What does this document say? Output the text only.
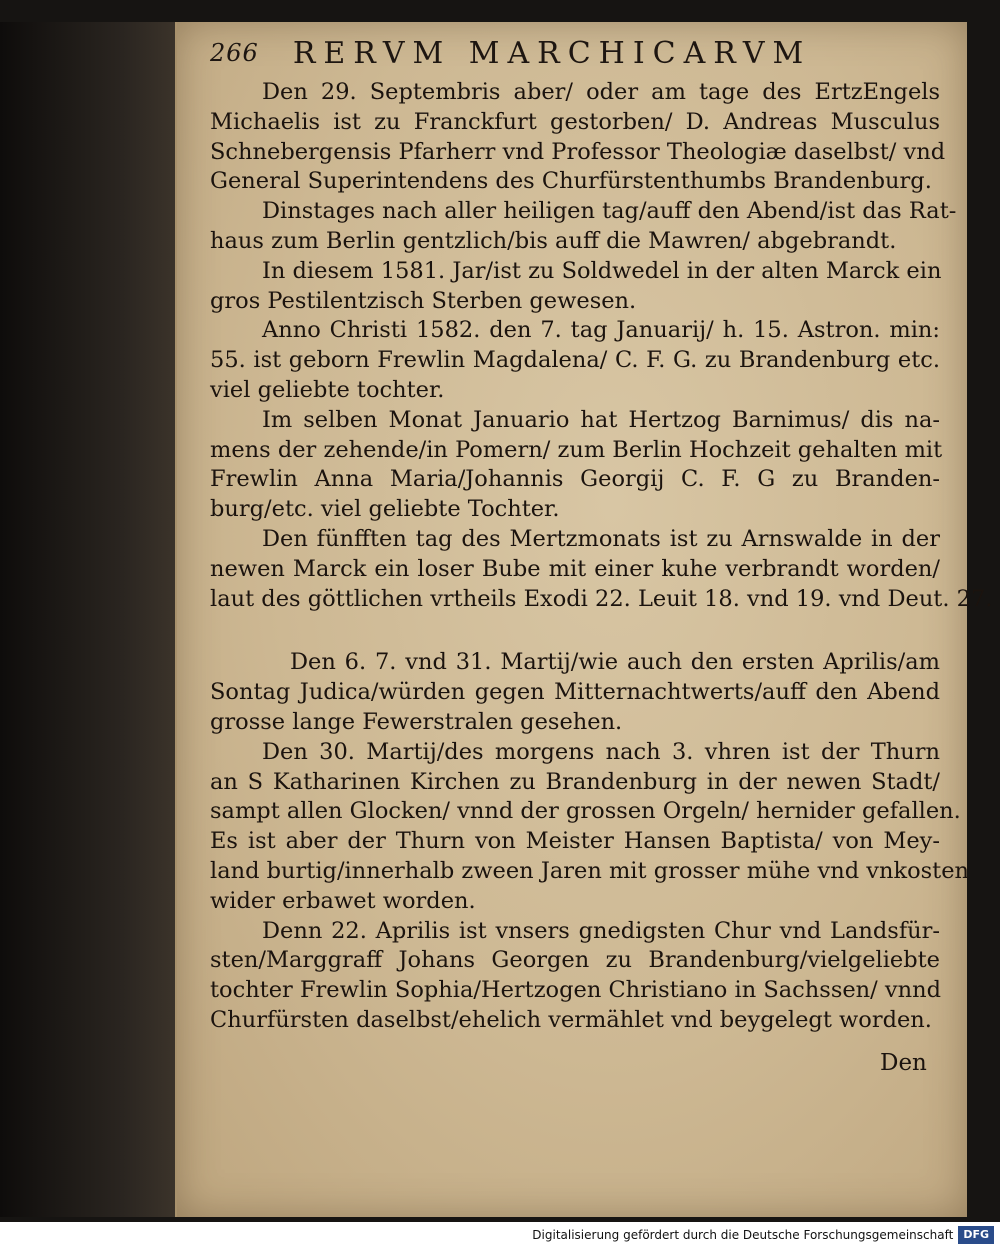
266 RERVM MARCHICARVM
Den 29. Septembris aber/ oder am tage des ErtzEngels
Michaelis ist zu Franckfurt gestorben/ D. Andreas Musculus
Schnebergensis Pfarherr vnd Professor Theologiæ daselbst/ vnd
General Superintendens des Churfürstenthumbs Brandenburg.
Dinstages nach aller heiligen tag/auff den Abend/ist das Rat-
haus zum Berlin gentzlich/bis auff die Mawren/ abgebrandt.
In diesem 1581. Jar/ist zu Soldwedel in der alten Marck ein
gros Pestilentzisch Sterben gewesen.
Anno Christi 1582. den 7. tag Januarij/ h. 15. Astron. min:
55. ist geborn Frewlin Magdalena/ C. F. G. zu Brandenburg etc.
viel geliebte tochter.
Im selben Monat Januario hat Hertzog Barnimus/ dis na-
mens der zehende/in Pomern/ zum Berlin Hochzeit gehalten mit
Frewlin Anna Maria/Johannis Georgij C. F. G zu Branden-
burg/etc. viel geliebte Tochter.
Den fünfften tag des Mertzmonats ist zu Arnswalde in der
newen Marck ein loser Bube mit einer kuhe verbrandt worden/
laut des göttlichen vrtheils Exodi 22. Leuit 18. vnd 19. vnd Deut. 27.
Den 6. 7. vnd 31. Martij/wie auch den ersten Aprilis/am
Sontag Judica/würden gegen Mitternachtwerts/auff den Abend
grosse lange Fewerstralen gesehen.
Den 30. Martij/des morgens nach 3. vhren ist der Thurn
an S Katharinen Kirchen zu Brandenburg in der newen Stadt/
sampt allen Glocken/ vnnd der grossen Orgeln/ hernider gefallen.
Es ist aber der Thurn von Meister Hansen Baptista/ von Mey-
land burtig/innerhalb zween Jaren mit grosser mühe vnd vnkosten
wider erbawet worden.
Denn 22. Aprilis ist vnsers gnedigsten Chur vnd Landsfür-
sten/Marggraff Johans Georgen zu Brandenburg/vielgeliebte
tochter Frewlin Sophia/Hertzogen Christiano in Sachssen/ vnnd
Churfürsten daselbst/ehelich vermählet vnd beygelegt worden.
Den
Digitalisierung gefördert durch die Deutsche Forschungsgemeinschaft DFG
